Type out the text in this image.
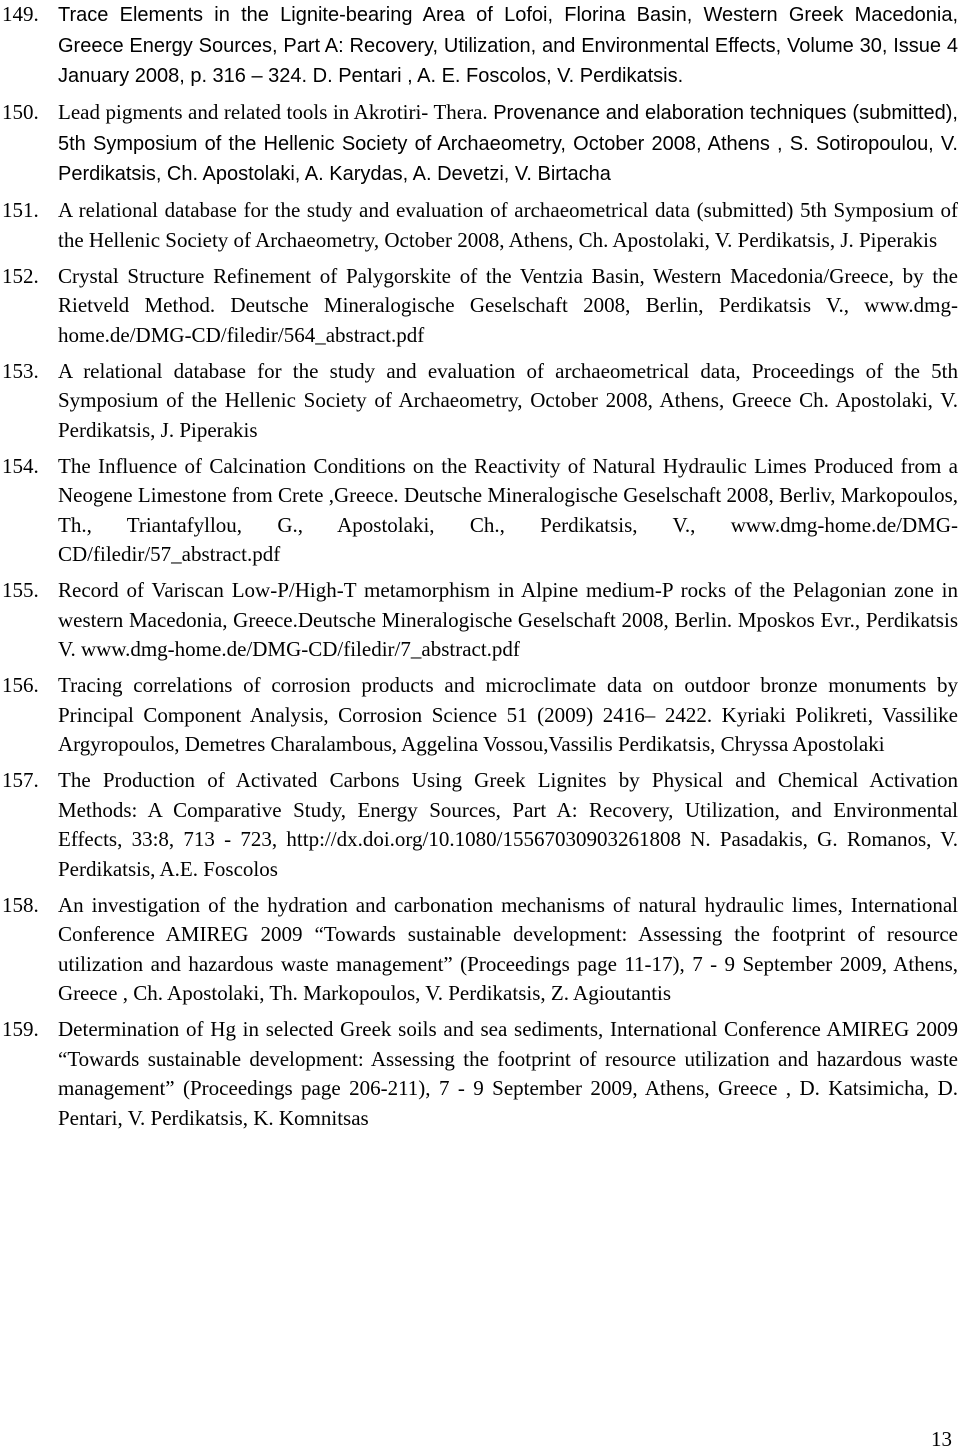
149. Trace Elements in the Lignite-bearing Area of Lofoi, Florina Basin, Western Greek Macedonia, Greece Energy Sources, Part A: Recovery, Utilization, and Environmental Effects, Volume 30, Issue 4 January 2008, p. 316 – 324. D. Pentari , A. E. Foscolos, V. Perdikatsis.
150. Lead pigments and related tools in Akrotiri- Thera. Provenance and elaboration techniques (submitted), 5th Symposium of the Hellenic Society of Archaeometry, October 2008, Athens , S. Sotiropoulou, V. Perdikatsis, Ch. Apostolaki, A. Karydas, A. Devetzi, V. Birtacha
151. A relational database for the study and evaluation of archaeometrical data (submitted) 5th Symposium of the Hellenic Society of Archaeometry, October 2008, Athens, Ch. Apostolaki, V. Perdikatsis, J. Piperakis
152. Crystal Structure Refinement of Palygorskite of the Ventzia Basin, Western Macedonia/Greece, by the Rietveld Method. Deutsche Mineralogische Geselschaft 2008, Berlin, Perdikatsis V., www.dmg-home.de/DMG-CD/filedir/564_abstract.pdf
153. A relational database for the study and evaluation of archaeometrical data, Proceedings of the 5th Symposium of the Hellenic Society of Archaeometry, October 2008, Athens, Greece Ch. Apostolaki, V. Perdikatsis, J. Piperakis
154. The Influence of Calcination Conditions on the Reactivity of Natural Hydraulic Limes Produced from a Neogene Limestone from Crete ,Greece. Deutsche Mineralogische Geselschaft 2008, Berliv, Markopoulos, Th., Triantafyllou, G., Apostolaki, Ch., Perdikatsis, V., www.dmg-home.de/DMG-CD/filedir/57_abstract.pdf
155. Record of Variscan Low-P/High-T metamorphism in Alpine medium-P rocks of the Pelagonian zone in western Macedonia, Greece.Deutsche Mineralogische Geselschaft 2008, Berlin. Mposkos Evr., Perdikatsis V. www.dmg-home.de/DMG-CD/filedir/7_abstract.pdf
156. Tracing correlations of corrosion products and microclimate data on outdoor bronze monuments by Principal Component Analysis, Corrosion Science 51 (2009) 2416– 2422. Kyriaki Polikreti, Vassilike Argyropoulos, Demetres Charalambous, Aggelina Vossou,Vassilis Perdikatsis, Chryssa Apostolaki
157. The Production of Activated Carbons Using Greek Lignites by Physical and Chemical Activation Methods: A Comparative Study, Energy Sources, Part A: Recovery, Utilization, and Environmental Effects, 33:8, 713 - 723, http://dx.doi.org/10.1080/15567030903261808 N. Pasadakis, G. Romanos, V. Perdikatsis, A.E. Foscolos
158. An investigation of the hydration and carbonation mechanisms of natural hydraulic limes, International Conference AMIREG 2009 “Towards sustainable development: Assessing the footprint of resource utilization and hazardous waste management” (Proceedings page 11-17), 7 - 9 September 2009, Athens, Greece , Ch. Apostolaki, Th. Markopoulos, V. Perdikatsis, Z. Agioutantis
159. Determination of Hg in selected Greek soils and sea sediments, International Conference AMIREG 2009 “Towards sustainable development: Assessing the footprint of resource utilization and hazardous waste management” (Proceedings page 206-211), 7 - 9 September 2009, Athens, Greece , D. Katsimicha, D. Pentari, V. Perdikatsis, K. Komnitsas
13
